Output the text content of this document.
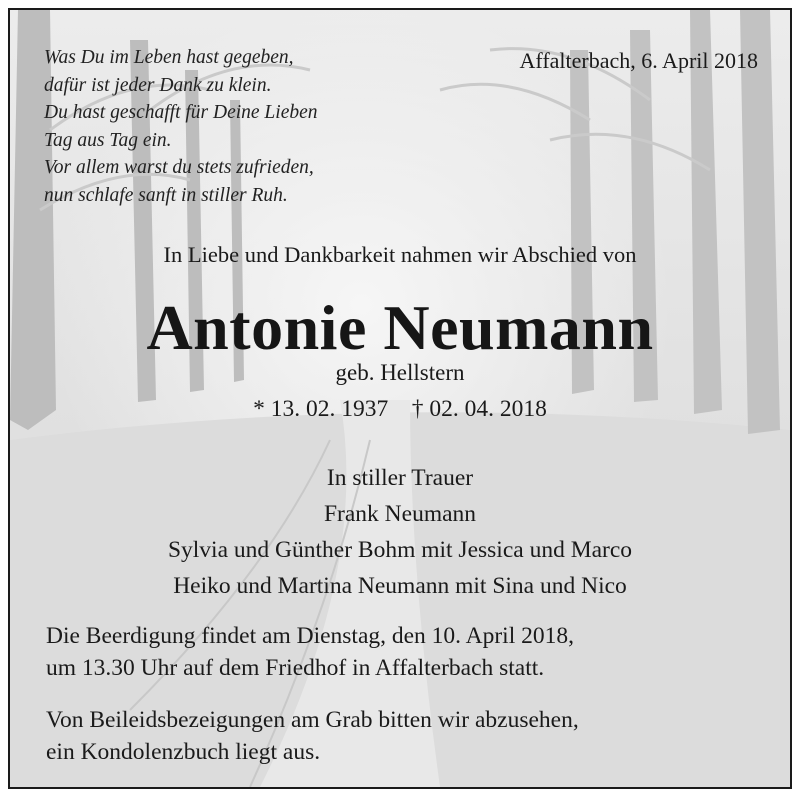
Was Du im Leben hast gegeben,
dafür ist jeder Dank zu klein.
Du hast geschafft für Deine Lieben
Tag aus Tag ein.
Vor allem warst du stets zufrieden,
nun schlafe sanft in stiller Ruh.
Affalterbach, 6. April 2018
In Liebe und Dankbarkeit nahmen wir Abschied von
Antonie Neumann
geb. Hellstern
* 13. 02. 1937    † 02. 04. 2018
In stiller Trauer
Frank Neumann
Sylvia und Günther Bohm mit Jessica und Marco
Heiko und Martina Neumann mit Sina und Nico
Die Beerdigung findet am Dienstag, den 10. April 2018,
um 13.30 Uhr auf dem Friedhof in Affalterbach statt.
Von Beileidsbezeigungen am Grab bitten wir abzusehen,
ein Kondolenzbuch liegt aus.
